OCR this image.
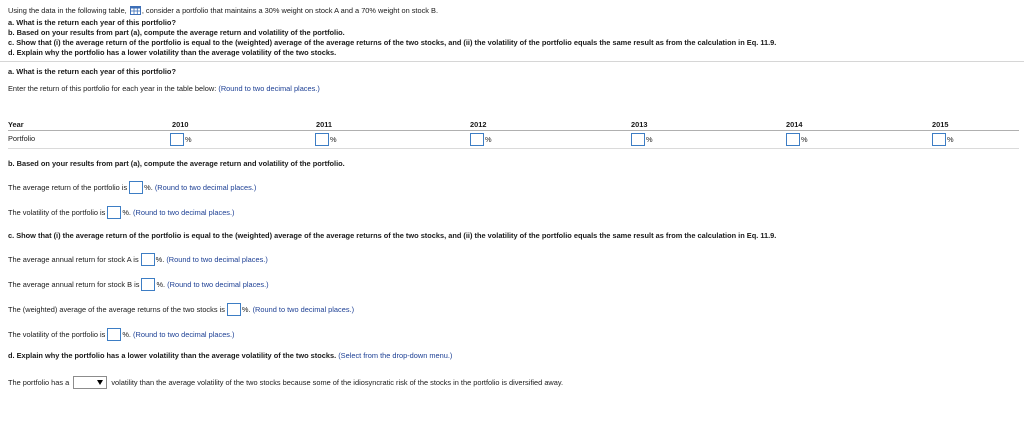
Using the data in the following table, , consider a portfolio that maintains a 30% weight on stock A and a 70% weight on stock B.
a. What is the return each year of this portfolio?
b. Based on your results from part (a), compute the average return and volatility of the portfolio.
c. Show that (i) the average return of the portfolio is equal to the (weighted) average of the average returns of the two stocks, and (ii) the volatility of the portfolio equals the same result as from the calculation in Eq. 11.9.
d. Explain why the portfolio has a lower volatility than the average volatility of the two stocks.
a. What is the return each year of this portfolio?
Enter the return of this portfolio for each year in the table below: (Round to two decimal places.)
Year	2010	2011	2012	2013	2014	2015
Portfolio	%	%	%	%	%	%
b. Based on your results from part (a), compute the average return and volatility of the portfolio.
The average return of the portfolio is %. (Round to two decimal places.)
The volatility of the portfolio is %. (Round to two decimal places.)
c. Show that (i) the average return of the portfolio is equal to the (weighted) average of the average returns of the two stocks, and (ii) the volatility of the portfolio equals the same result as from the calculation in Eq. 11.9.
The average annual return for stock A is %. (Round to two decimal places.)
The average annual return for stock B is %. (Round to two decimal places.)
The (weighted) average of the average returns of the two stocks is %. (Round to two decimal places.)
The volatility of the portfolio is %. (Round to two decimal places.)
d. Explain why the portfolio has a lower volatility than the average volatility of the two stocks. (Select from the drop-down menu.)
The portfolio has a	volatility than the average volatility of the two stocks because some of the idiosyncratic risk of the stocks in the portfolio is diversified away.
